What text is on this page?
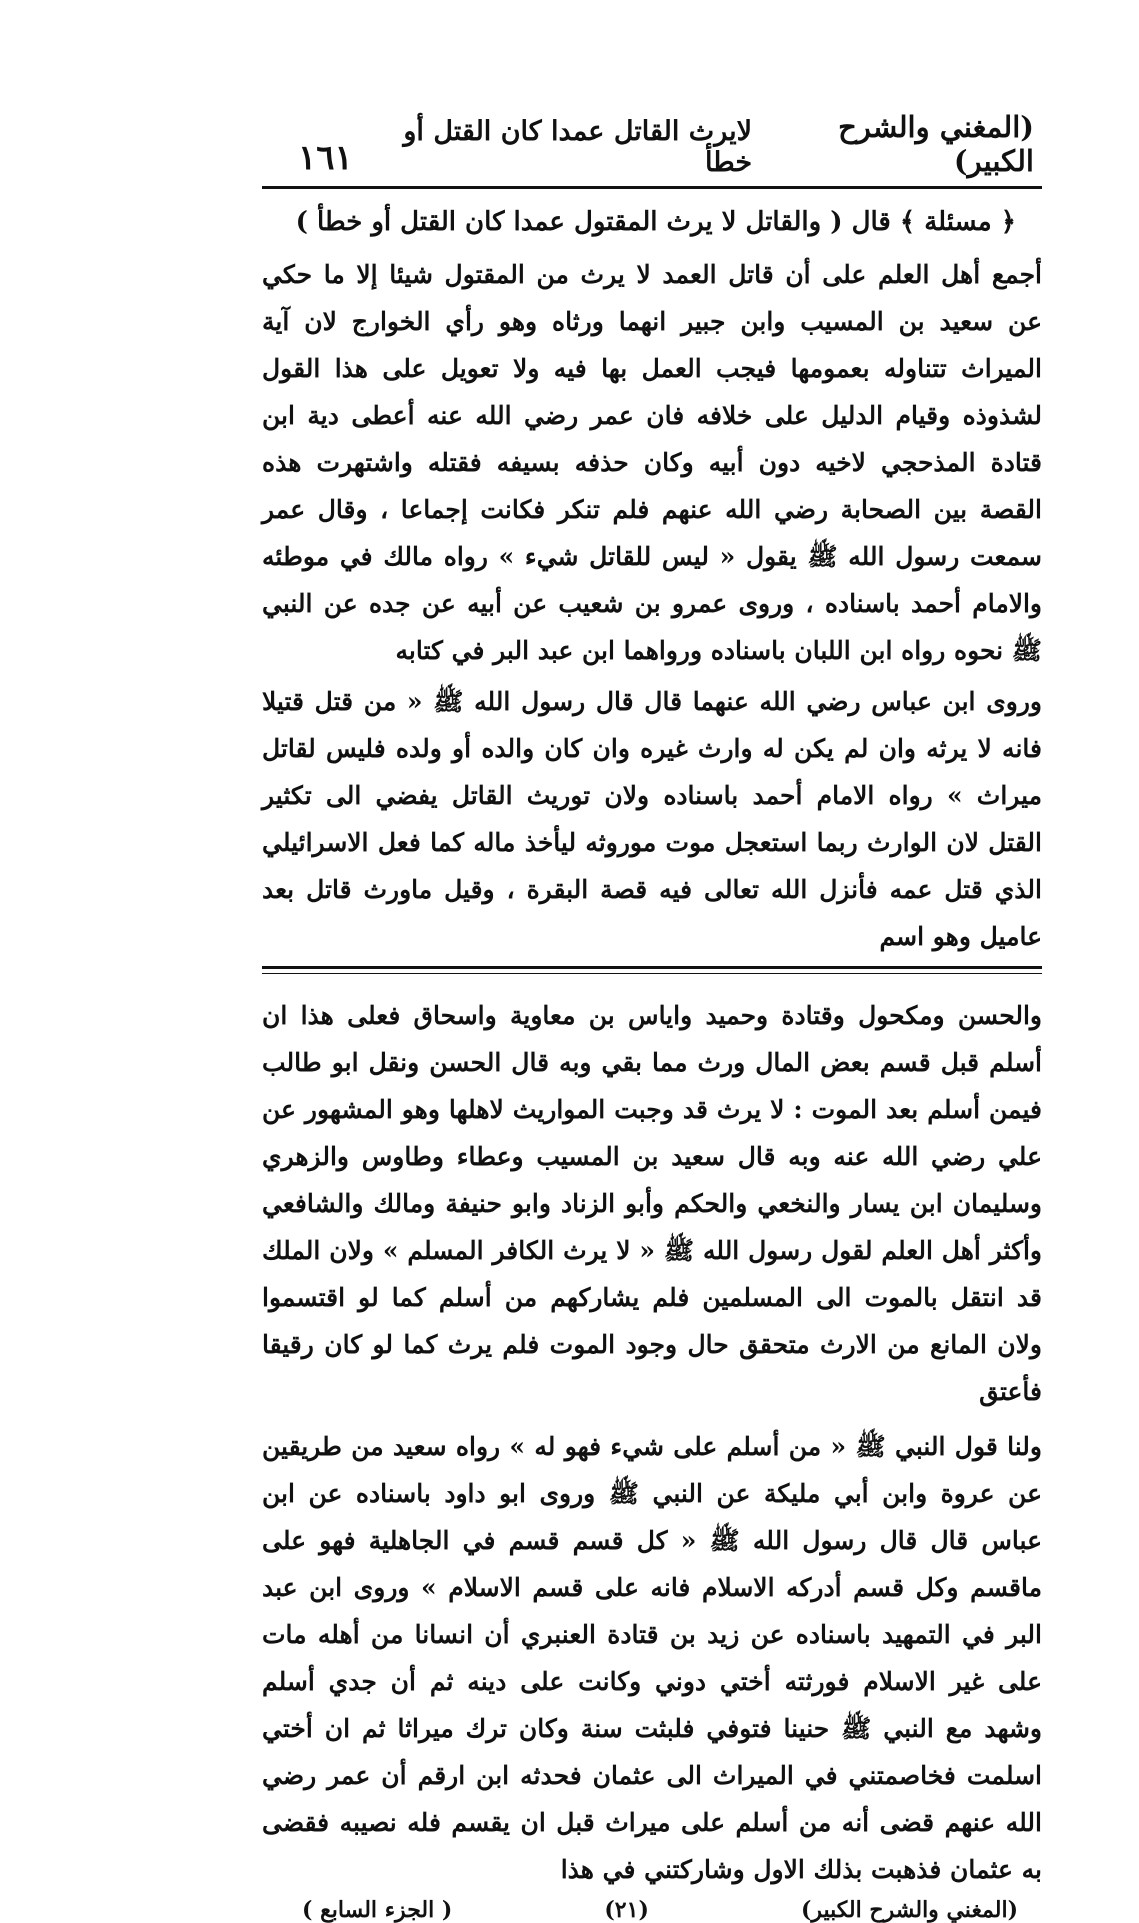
(المغني والشرح الكبير)
لايرث القاتل عمدا كان القتل أو خطأ
١٦١
﴿ مسئلة ﴾ قال ( والقاتل لا يرث المقتول عمدا كان القتل أو خطأ )

أجمع أهل العلم على أن قاتل العمد لا يرث من المقتول شيئا إلا ما حكي عن سعيد بن المسيب وابن جبير انهما ورثاه وهو رأي الخوارج لان آية الميراث تتناوله بعمومها فيجب العمل بها فيه ولا تعويل على هذا القول لشذوذه وقيام الدليل على خلافه فان عمر رضي الله عنه أعطى دية ابن قتادة المذحجي لاخيه دون أبيه وكان حذفه بسيفه فقتله واشتهرت هذه القصة بين الصحابة رضي الله عنهم فلم تنكر فكانت إجماعا ، وقال عمر سمعت رسول الله ﷺ يقول « ليس للقاتل شيء » رواه مالك في موطئه والامام أحمد باسناده ، وروى عمرو بن شعيب عن أبيه عن جده عن النبي ﷺ نحوه رواه ابن اللبان باسناده ورواهما ابن عبد البر في كتابه

وروى ابن عباس رضي الله عنهما قال قال رسول الله ﷺ « من قتل قتيلا فانه لا يرثه وان لم يكن له وارث غيره وان كان والده أو ولده فليس لقاتل ميراث » رواه الامام أحمد باسناده ولان توريث القاتل يفضي الى تكثير القتل لان الوارث ربما استعجل موت موروثه ليأخذ ماله كما فعل الاسرائيلي الذي قتل عمه فأنزل الله تعالى فيه قصة البقرة ، وقيل ماورث قاتل بعد عاميل وهو اسم

والحسن ومكحول وقتادة وحميد واياس بن معاوية واسحاق فعلى هذا ان أسلم قبل قسم بعض المال ورث مما بقي وبه قال الحسن ونقل ابو طالب فيمن أسلم بعد الموت : لا يرث قد وجبت المواريث لاهلها وهو المشهور عن علي رضي الله عنه وبه قال سعيد بن المسيب وعطاء وطاوس والزهري وسليمان ابن يسار والنخعي والحكم وأبو الزناد وابو حنيفة ومالك والشافعي وأكثر أهل العلم لقول رسول الله ﷺ « لا يرث الكافر المسلم » ولان الملك قد انتقل بالموت الى المسلمين فلم يشاركهم من أسلم كما لو اقتسموا ولان المانع من الارث متحقق حال وجود الموت فلم يرث كما لو كان رقيقا فأعتق

ولنا قول النبي ﷺ « من أسلم على شيء فهو له » رواه سعيد من طريقين عن عروة وابن أبي مليكة عن النبي ﷺ وروى ابو داود باسناده عن ابن عباس قال قال رسول الله ﷺ « كل قسم قسم في الجاهلية فهو على ماقسم وكل قسم أدركه الاسلام فانه على قسم الاسلام » وروى ابن عبد البر في التمهيد باسناده عن زيد بن قتادة العنبري أن انسانا من أهله مات على غير الاسلام فورثته أختي دوني وكانت على دينه ثم أن جدي أسلم وشهد مع النبي ﷺ حنينا فتوفي فلبثت سنة وكان ترك ميراثا ثم ان أختي اسلمت فخاصمتني في الميراث الى عثمان فحدثه ابن ارقم أن عمر رضي الله عنهم قضى أنه من أسلم على ميراث قبل ان يقسم فله نصيبه فقضى به عثمان فذهبت بذلك الاول وشاركتني في هذا

(المغني والشرح الكبير)
(٢١)
( الجزء السابع )
